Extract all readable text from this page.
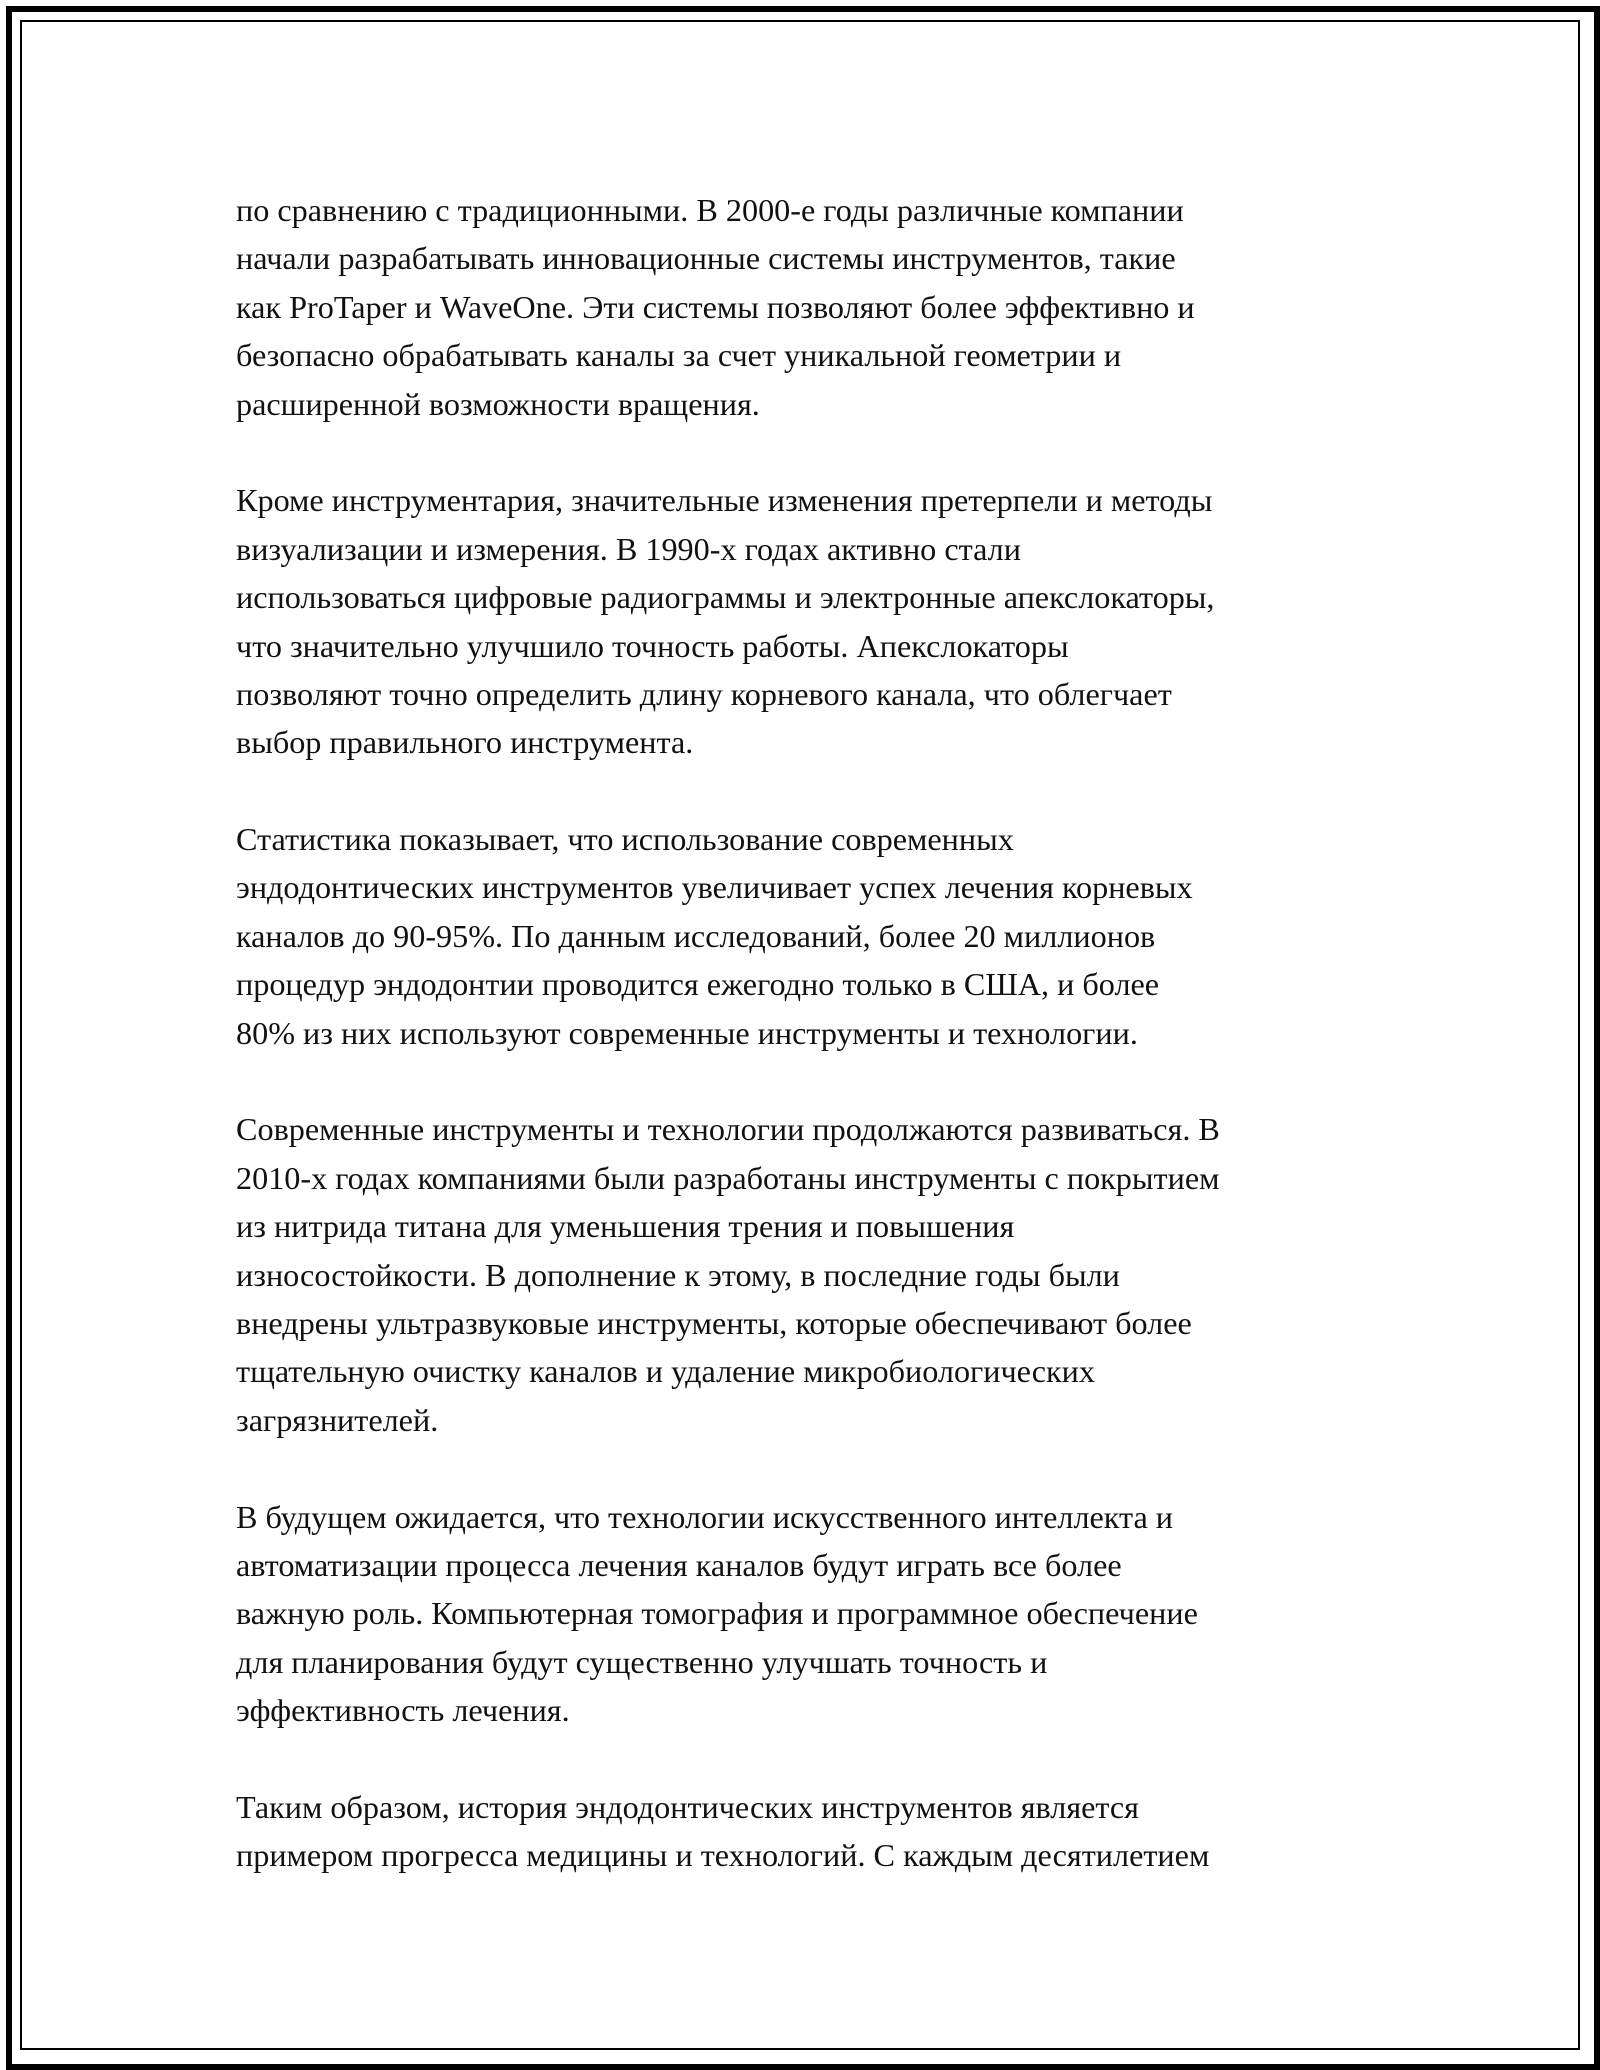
по сравнению с традиционными. В 2000-е годы различные компании
начали разрабатывать инновационные системы инструментов, такие
как ProTaper и WaveOne. Эти системы позволяют более эффективно и
безопасно обрабатывать каналы за счет уникальной геометрии и
расширенной возможности вращения.
Кроме инструментария, значительные изменения претерпели и методы
визуализации и измерения. В 1990-х годах активно стали
использоваться цифровые радиограммы и электронные апекслокаторы,
что значительно улучшило точность работы. Апекслокаторы
позволяют точно определить длину корневого канала, что облегчает
выбор правильного инструмента.
Статистика показывает, что использование современных
эндодонтических инструментов увеличивает успех лечения корневых
каналов до 90-95%. По данным исследований, более 20 миллионов
процедур эндодонтии проводится ежегодно только в США, и более
80% из них используют современные инструменты и технологии.
Современные инструменты и технологии продолжаются развиваться. В
2010-х годах компаниями были разработаны инструменты с покрытием
из нитрида титана для уменьшения трения и повышения
износостойкости. В дополнение к этому, в последние годы были
внедрены ультразвуковые инструменты, которые обеспечивают более
тщательную очистку каналов и удаление микробиологических
загрязнителей.
В будущем ожидается, что технологии искусственного интеллекта и
автоматизации процесса лечения каналов будут играть все более
важную роль. Компьютерная томография и программное обеспечение
для планирования будут существенно улучшать точность и
эффективность лечения.
Таким образом, история эндодонтических инструментов является
примером прогресса медицины и технологий. С каждым десятилетием
